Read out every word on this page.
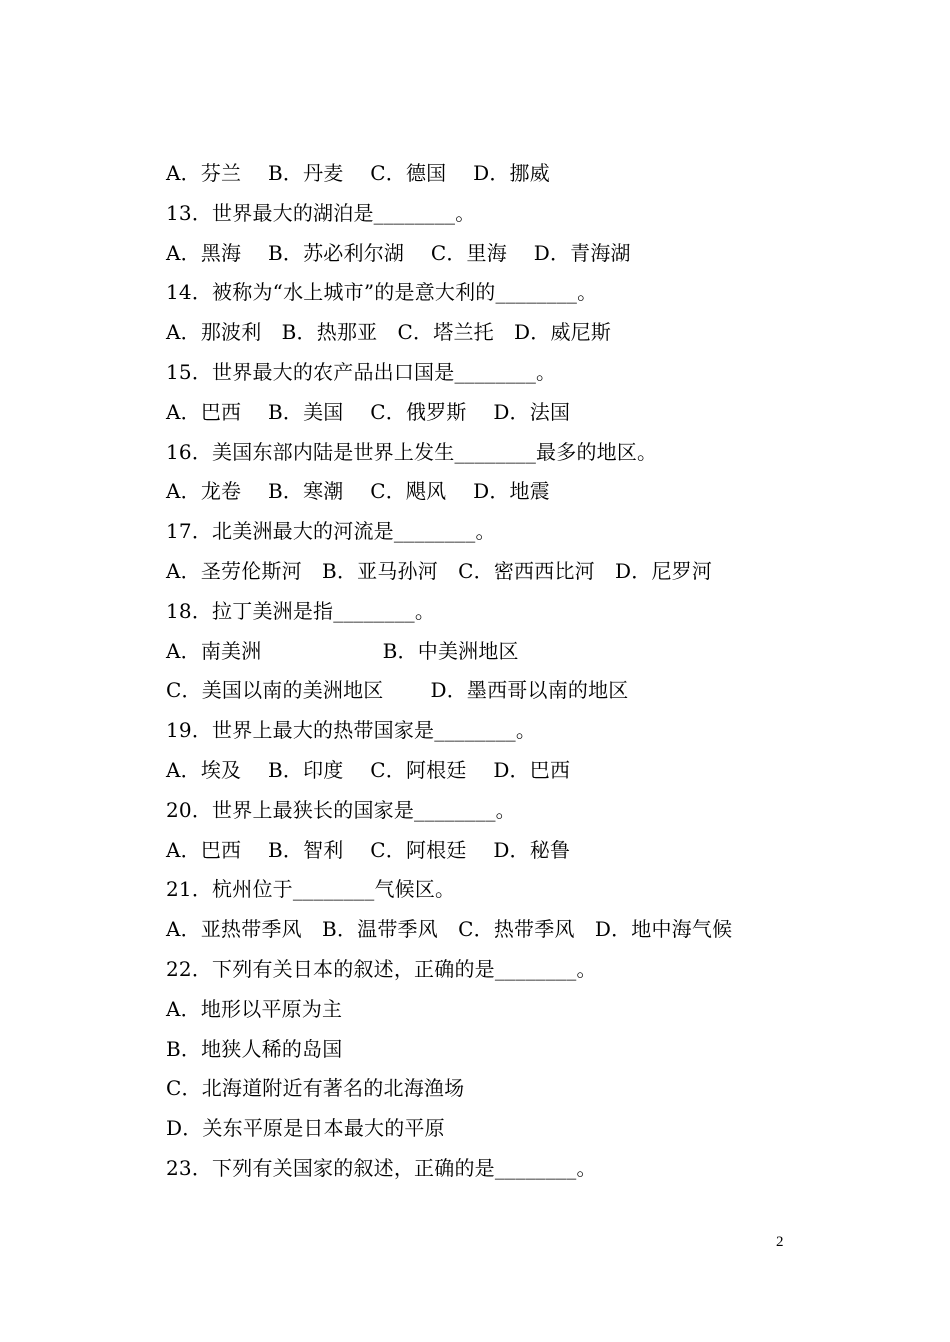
A．芬兰　 B．丹麦　 C．德国　 D．挪威
13．世界最大的湖泊是________。
A．黑海　 B．苏必利尔湖　 C．里海　 D．青海湖
14．被称为“水上城市”的是意大利的________。
A．那波利　B．热那亚　C．塔兰托　D．威尼斯
15．世界最大的农产品出口国是________。
A．巴西　 B．美国　 C．俄罗斯　 D．法国
16．美国东部内陆是世界上发生________最多的地区。
A．龙卷　 B．寒潮　 C．飓风　 D．地震
17．北美洲最大的河流是________。
A．圣劳伦斯河　B．亚马孙河　C．密西西比河　D．尼罗河
18．拉丁美洲是指________。
A．南美洲　　　　　　B．中美洲地区
C．美国以南的美洲地区　　 D．墨西哥以南的地区
19．世界上最大的热带国家是________。
A．埃及　 B．印度　 C．阿根廷　 D．巴西
20．世界上最狭长的国家是________。
A．巴西　 B．智利　 C．阿根廷　 D．秘鲁
21．杭州位于________气候区。
A．亚热带季风　B．温带季风　C．热带季风　D．地中海气候
22．下列有关日本的叙述，正确的是________。
A．地形以平原为主
B．地狭人稀的岛国
C．北海道附近有著名的北海渔场
D．关东平原是日本最大的平原
23．下列有关国家的叙述，正确的是________。
2
